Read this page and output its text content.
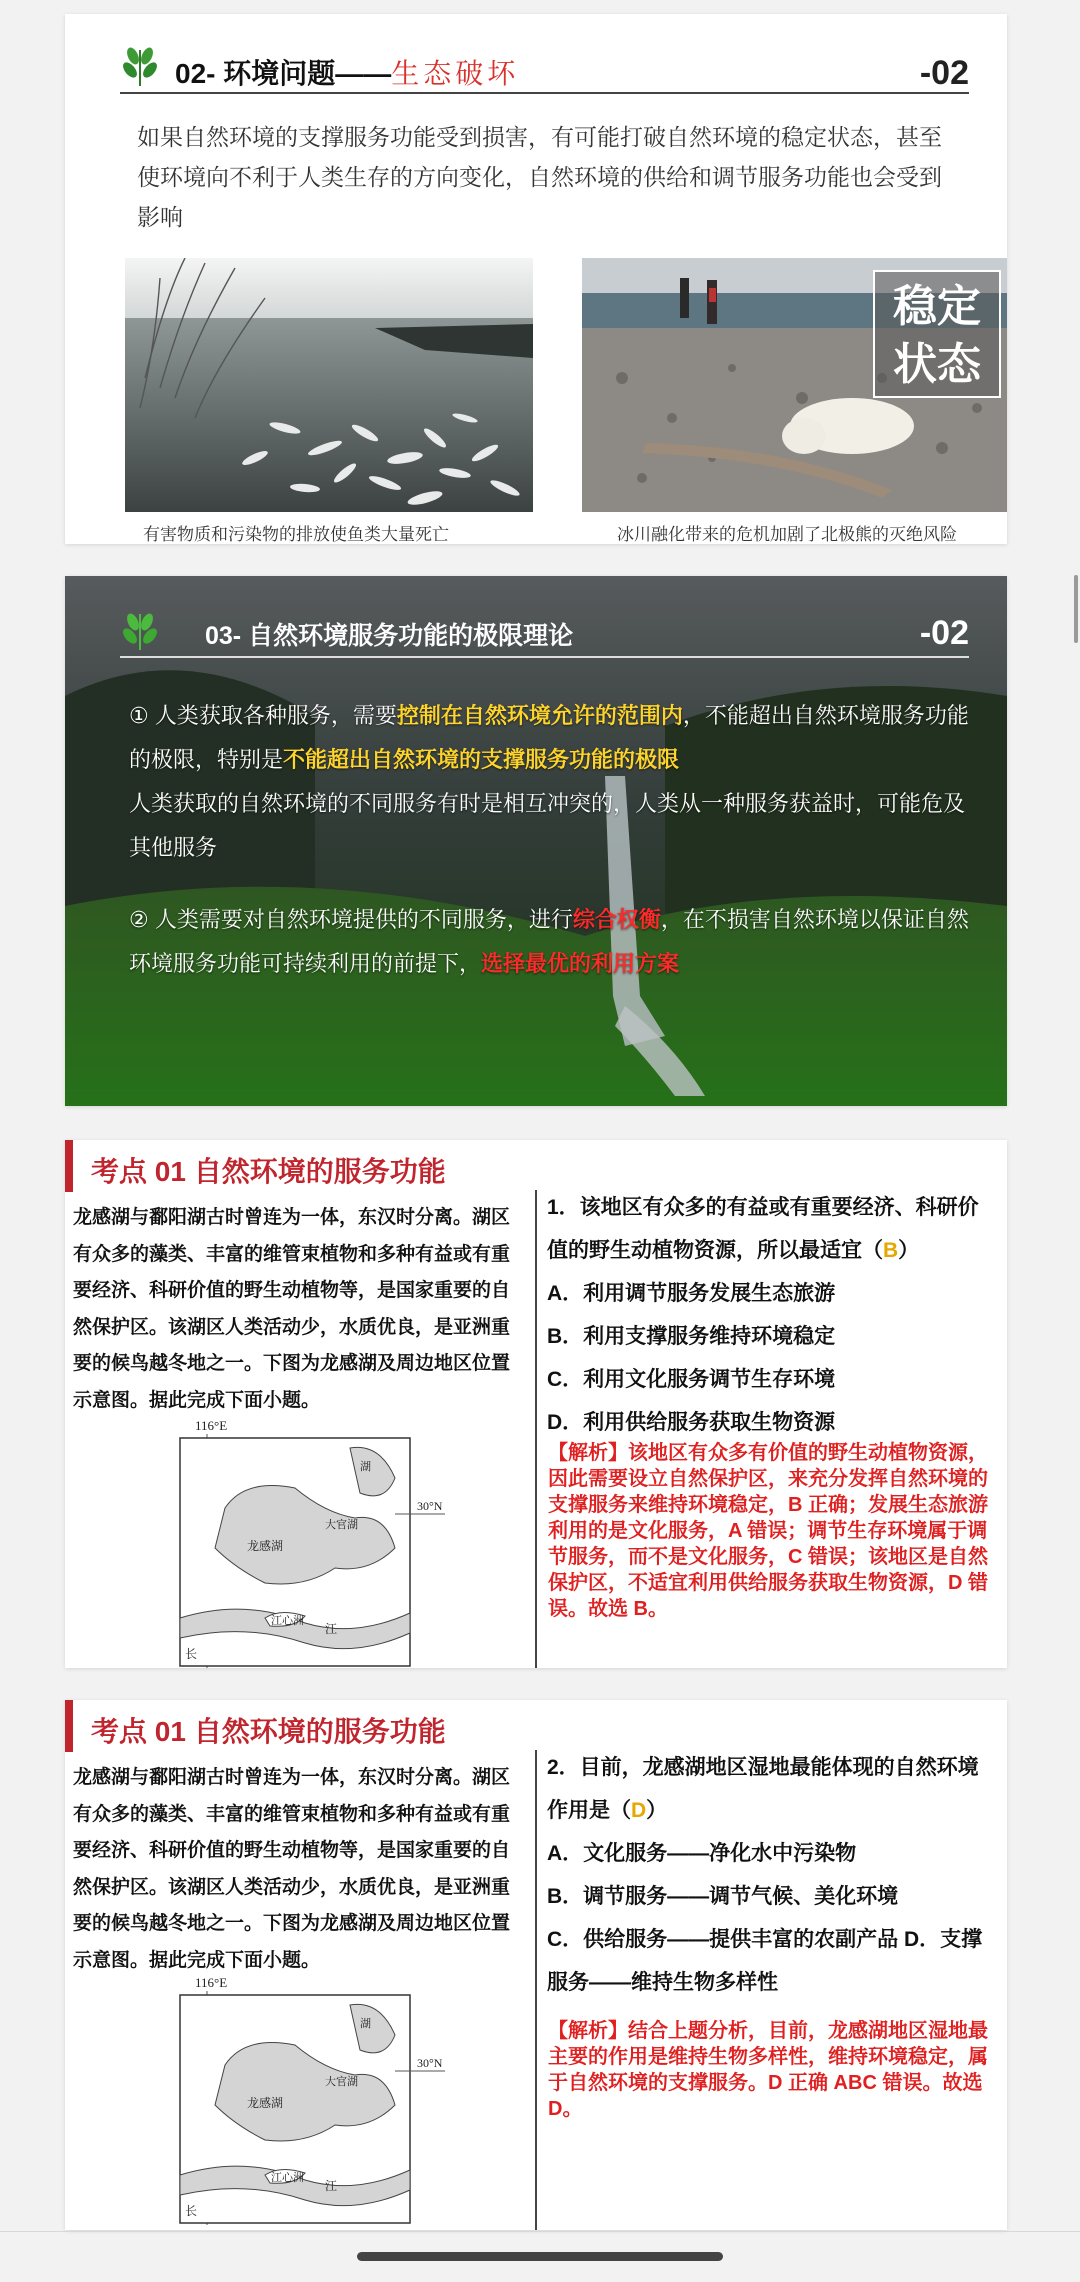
02- 环境问题——生态破坏	-02
如果自然环境的支撑服务功能受到损害，有可能打破自然环境的稳定状态，甚至使环境向不利于人类生存的方向变化，自然环境的供给和调节服务功能也会受到影响
有害物质和污染物的排放使鱼类大量死亡
稳定
状态
冰川融化带来的危机加剧了北极熊的灭绝风险
03- 自然环境服务功能的极限理论	-02
① 人类获取各种服务，需要控制在自然环境允许的范围内，不能超出自然环境服务功能的极限，特别是不能超出自然环境的支撑服务功能的极限
人类获取的自然环境的不同服务有时是相互冲突的，人类从一种服务获益时，可能危及其他服务
② 人类需要对自然环境提供的不同服务，进行综合权衡，在不损害自然环境以保证自然环境服务功能可持续利用的前提下，选择最优的利用方案
考点 01 自然环境的服务功能
龙感湖与鄱阳湖古时曾连为一体，东汉时分离。湖区有众多的藻类、丰富的维管束植物和多种有益或有重要经济、科研价值的野生动植物等，是国家重要的自然保护区。该湖区人类活动少，水质优良，是亚洲重要的候鸟越冬地之一。下图为龙感湖及周边地区位置示意图。据此完成下面小题。
116°E
30°N
龙感湖
大官湖
湖
江心洲
长
江
1．该地区有众多的有益或有重要经济、科研价值的野生动植物资源，所以最适宜（B）
A．利用调节服务发展生态旅游
B．利用支撑服务维持环境稳定
C．利用文化服务调节生存环境
D．利用供给服务获取生物资源
【解析】该地区有众多有价值的野生动植物资源，因此需要设立自然保护区，来充分发挥自然环境的支撑服务来维持环境稳定，B 正确；发展生态旅游利用的是文化服务，A 错误；调节生存环境属于调节服务，而不是文化服务，C 错误；该地区是自然保护区，不适宜利用供给服务获取生物资源，D 错误。故选 B。
考点 01 自然环境的服务功能
龙感湖与鄱阳湖古时曾连为一体，东汉时分离。湖区有众多的藻类、丰富的维管束植物和多种有益或有重要经济、科研价值的野生动植物等，是国家重要的自然保护区。该湖区人类活动少，水质优良，是亚洲重要的候鸟越冬地之一。下图为龙感湖及周边地区位置示意图。据此完成下面小题。
116°E
30°N
龙感湖
大官湖
湖
江心洲
长
江
2．目前，龙感湖地区湿地最能体现的自然环境作用是（D）
A．文化服务——净化水中污染物
B．调节服务——调节气候、美化环境
C．供给服务——提供丰富的农副产品 D．支撑服务——维持生物多样性
【解析】结合上题分析，目前，龙感湖地区湿地最主要的作用是维持生物多样性，维持环境稳定，属于自然环境的支撑服务。D 正确 ABC 错误。故选 D。
